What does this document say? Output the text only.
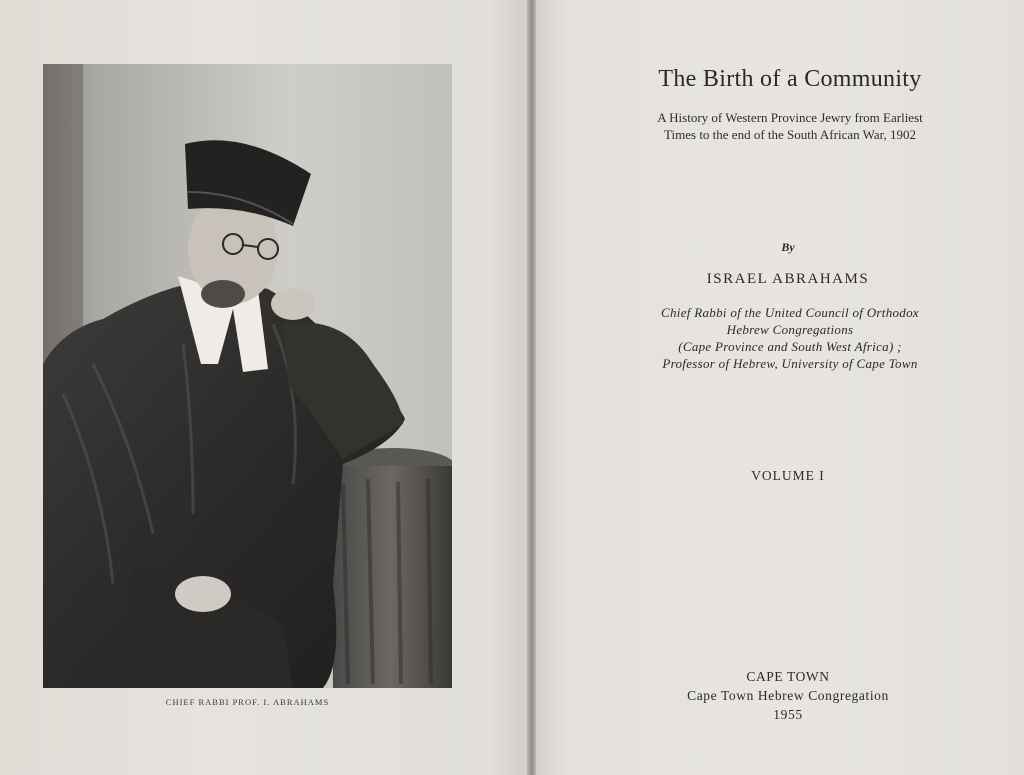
CHIEF RABBI PROF. I. ABRAHAMS
The Birth of a Community
A History of Western Province Jewry from Earliest
Times to the end of the South African War, 1902
By
ISRAEL ABRAHAMS
Chief Rabbi of the United Council of Orthodox
Hebrew Congregations
(Cape Province and South West Africa) ;
Professor of Hebrew, University of Cape Town
VOLUME I
CAPE TOWN
Cape Town Hebrew Congregation
1955
